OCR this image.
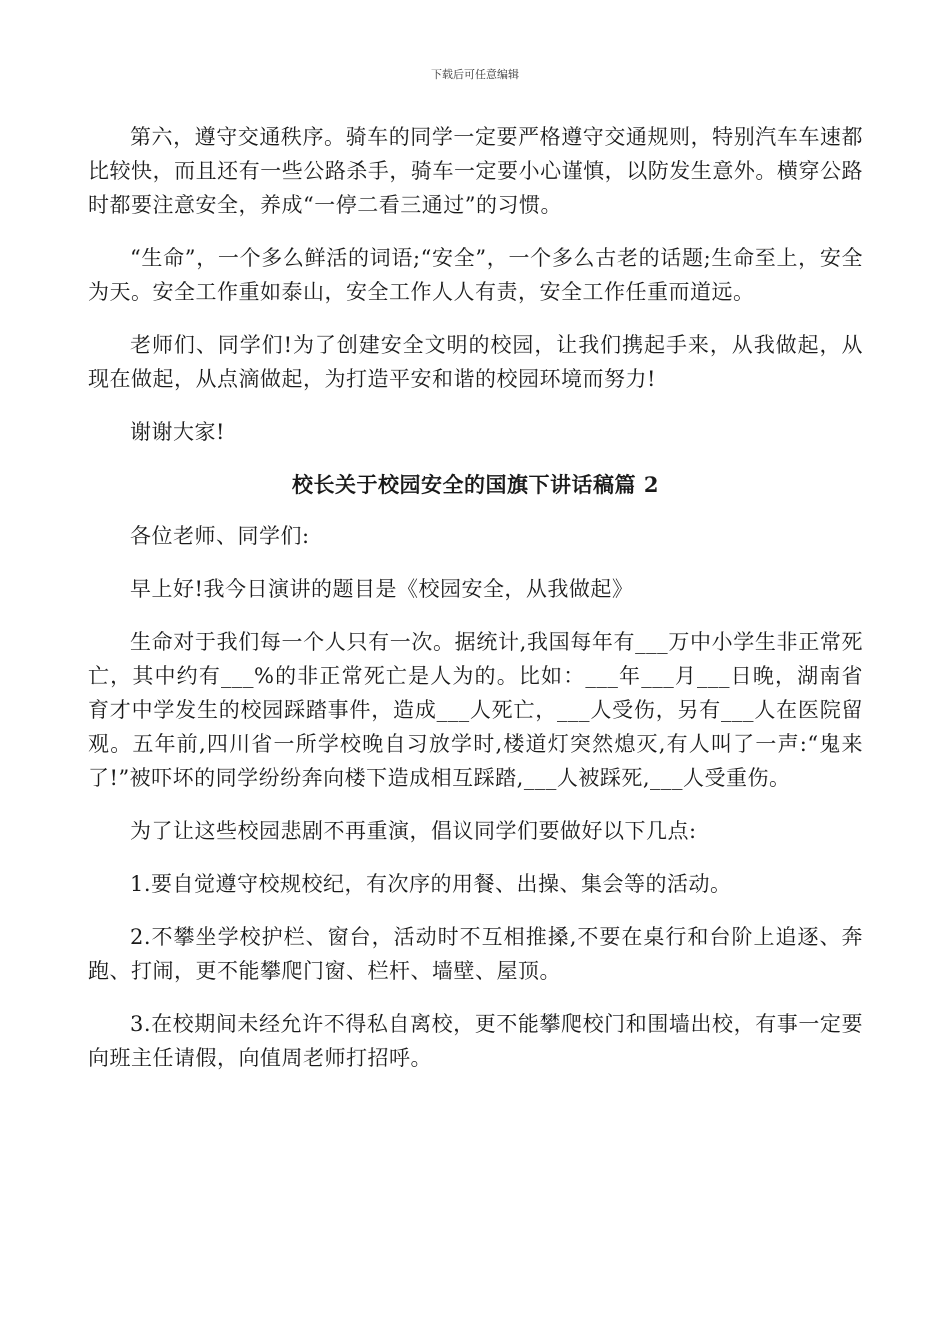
下载后可任意编辑

第六，遵守交通秩序。骑车的同学一定要严格遵守交通规则，特别汽车车速都比较快，而且还有一些公路杀手，骑车一定要小心谨慎，以防发生意外。横穿公路时都要注意安全，养成“一停二看三通过”的习惯。

“生命”，一个多么鲜活的词语;“安全”，一个多么古老的话题;生命至上，安全为天。安全工作重如泰山，安全工作人人有责，安全工作任重而道远。

老师们、同学们!为了创建安全文明的校园，让我们携起手来，从我做起，从现在做起，从点滴做起，为打造平安和谐的校园环境而努力!

谢谢大家!

校长关于校园安全的国旗下讲话稿篇 2

各位老师、同学们:

早上好!我今日演讲的题目是《校园安全，从我做起》

生命对于我们每一个人只有一次。据统计,我国每年有___万中小学生非正常死亡，其中约有___%的非正常死亡是人为的。比如：___年___月___日晚，湖南省育才中学发生的校园踩踏事件，造成___人死亡，___人受伤，另有___人在医院留观。五年前,四川省一所学校晚自习放学时,楼道灯突然熄灭,有人叫了一声:“鬼来了!”被吓坏的同学纷纷奔向楼下造成相互踩踏,___人被踩死,___人受重伤。

为了让这些校园悲剧不再重演，倡议同学们要做好以下几点:

1.要自觉遵守校规校纪，有次序的用餐、出操、集会等的活动。

2.不攀坐学校护栏、窗台，活动时不互相推搡,不要在桌行和台阶上追逐、奔跑、打闹，更不能攀爬门窗、栏杆、墙壁、屋顶。

3.在校期间未经允许不得私自离校，更不能攀爬校门和围墙出校，有事一定要向班主任请假，向值周老师打招呼。
